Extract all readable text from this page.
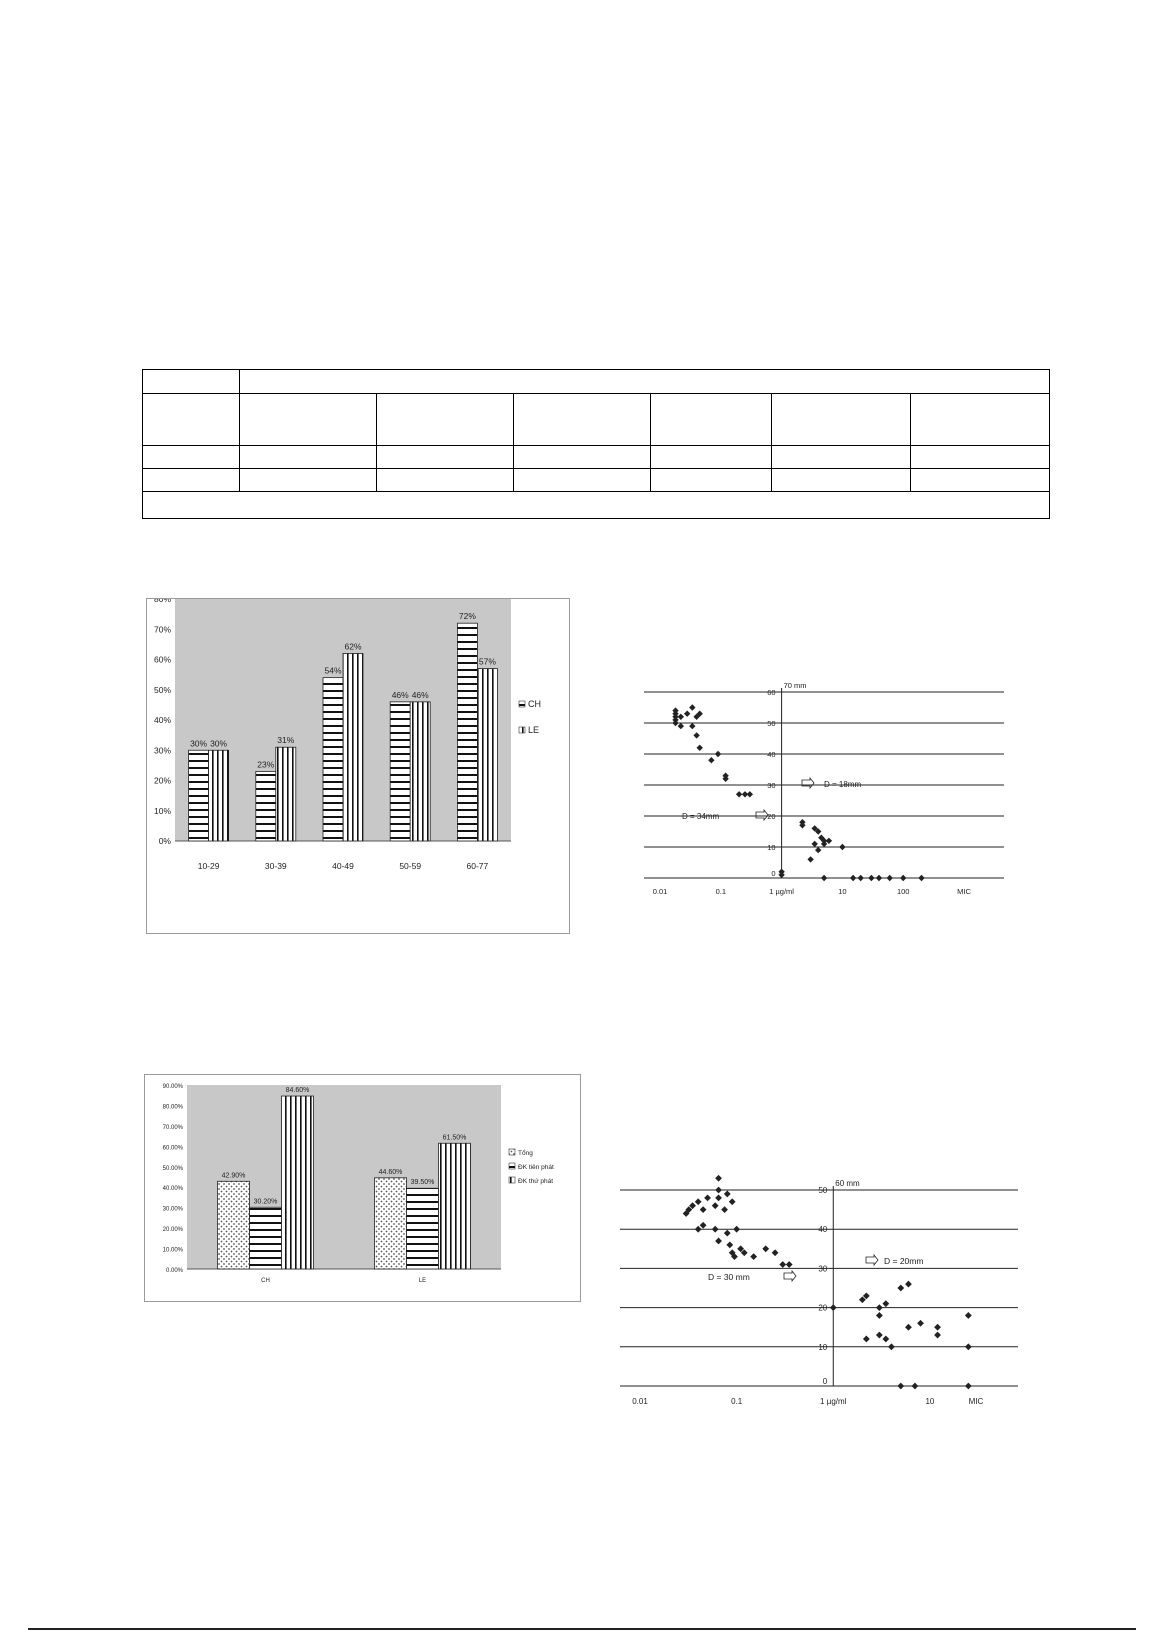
0%
10%
20%
30%
40%
50%
60%
70%
80%
30% 30%
10-29
23%
31%
30-39
54%
62%
40-49
46% 46%
50-59
72%
57%
60-77
CH
LE
0.00%
10.00%
20.00%
30.00%
40.00%
50.00%
60.00%
70.00%
80.00%
90.00%
42.90%
30.20%
84.60%
CH
44.60%
39.50%
61.50%
LE
Tổng
ĐK tiên phát
ĐK thứ phát
0
10
20
30
40
50
60
70 mm
0.01	0.1	1 µg/ml	10	100	MIC
D = 34mm
D = 18mm
0
10
20
30
40
50
60 mm
0.01	0.1	1 µg/ml	10	MIC
D = 30 mm
D = 20mm
